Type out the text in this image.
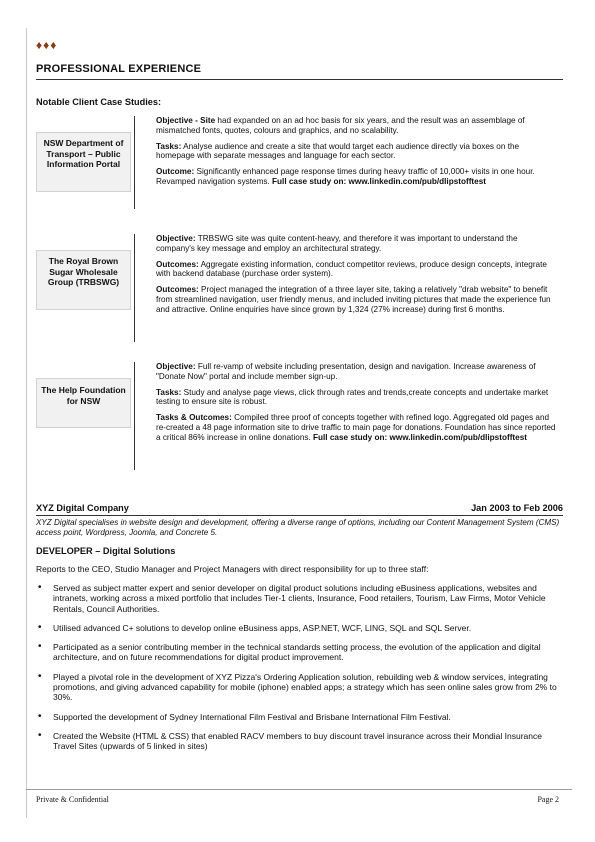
♦♦♦
PROFESSIONAL EXPERIENCE
Notable Client Case Studies:
NSW Department of Transport – Public Information Portal

Objective - Site had expanded on an ad hoc basis for six years, and the result was an assemblage of mismatched fonts, quotes, colours and graphics, and no scalability.

Tasks: Analyse audience and create a site that would target each audience directly via boxes on the homepage with separate messages and language for each sector.

Outcome: Significantly enhanced page response times during heavy traffic of 10,000+ visits in one hour. Revamped navigation systems. Full case study on: www.linkedin.com/pub/dlipstofftest

The Royal Brown Sugar Wholesale Group (TRBSWG)

Objective: TRBSWG site was quite content-heavy, and therefore it was important to understand the company's key message and employ an architectural strategy.

Outcomes: Aggregate existing information, conduct competitor reviews, produce design concepts, integrate with backend database (purchase order system).

Outcomes: Project managed the integration of a three layer site, taking a relatively "drab website" to benefit from streamlined navigation, user friendly menus, and included inviting pictures that made the experience fun and attractive. Online enquiries have since grown by 1,324 (27% increase) during first 6 months.

The Help Foundation for NSW

Objective: Full re-vamp of website including presentation, design and navigation. Increase awareness of "Donate Now" portal and include member sign-up.

Tasks: Study and analyse page views, click through rates and trends,create concepts and undertake market testing to ensure site is robust.

Tasks & Outcomes: Compiled three proof of concepts together with refined logo. Aggregated old pages and re-created a 48 page information site to drive traffic to main page for donations. Foundation has since reported a critical 86% increase in online donations. Full case study on: www.linkedin.com/pub/dlipstofftest

XYZ Digital Company	Jan 2003 to Feb 2006
XYZ Digital specialises in website design and development, offering a diverse range of options, including our Content Management System (CMS) access point, Wordpress, Joomla, and Concrete 5.
DEVELOPER – Digital Solutions
Reports to the CEO, Studio Manager and Project Managers with direct responsibility for up to three staff:
• Served as subject matter expert and senior developer on digital product solutions including eBusiness applications, websites and intranets, working across a mixed portfolio that includes Tier-1 clients, Insurance, Food retailers, Tourism, Law Firms, Motor Vehicle Rentals, Council Authorities.
• Utilised advanced C+ solutions to develop online eBusiness apps, ASP.NET, WCF, LING, SQL and SQL Server.
• Participated as a senior contributing member in the technical standards setting process, the evolution of the application and digital architecture, and on future recommendations for digital product improvement.
• Played a pivotal role in the development of XYZ Pizza's Ordering Application solution, rebuilding web & window services, integrating promotions, and giving advanced capability for mobile (iphone) enabled apps; a strategy which has seen online sales grow from 2% to 30%.
• Supported the development of Sydney International Film Festival and Brisbane International Film Festival.
• Created the Website (HTML & CSS) that enabled RACV members to buy discount travel insurance across their Mondial Insurance Travel Sites (upwards of 5 linked in sites)
Private & Confidential	Page 2
